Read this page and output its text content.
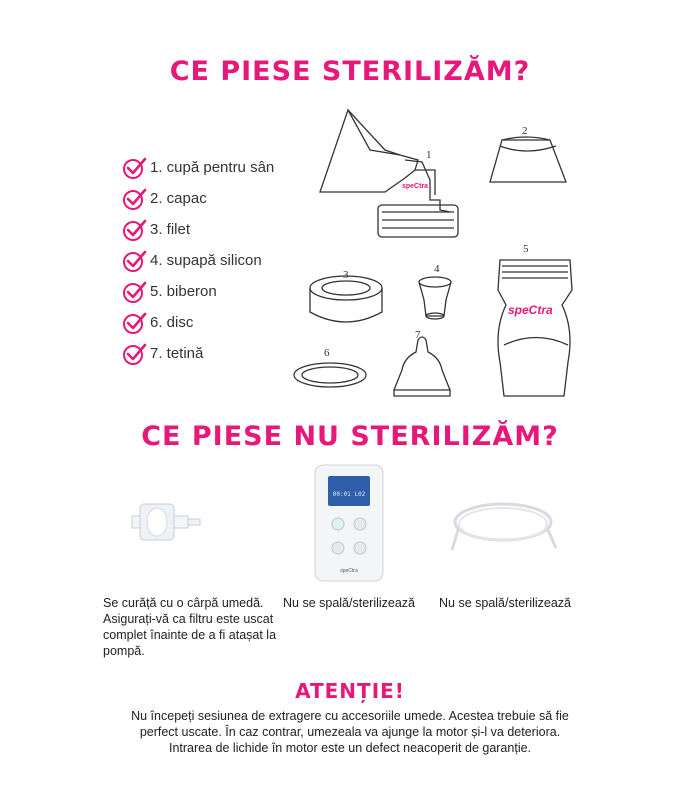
CE PIESE STERILIZĂM?
1. cupă pentru sân
2. capac
3. filet
4. supapă silicon
5. biberon
6. disc
7. tetină
speCtra
1
2
3	4
speCtra
5
6
7
CE PIESE NU STERILIZĂM?
00:01 L02
speCtra
Se curăță cu o cârpă umedă. Asigurați-vă ca filtru este uscat complet înainte de a fi atașat la pompă.
Nu se spală/sterilizează	Nu se spală/sterilizează
ATENȚIE!

Nu începeți sesiunea de extragere cu accesoriile umede. Acestea trebuie să fie

perfect uscate. În caz contrar, umezeala va ajunge la motor și-l va deteriora.

Intrarea de lichide în motor este un defect neacoperit de garanție.
